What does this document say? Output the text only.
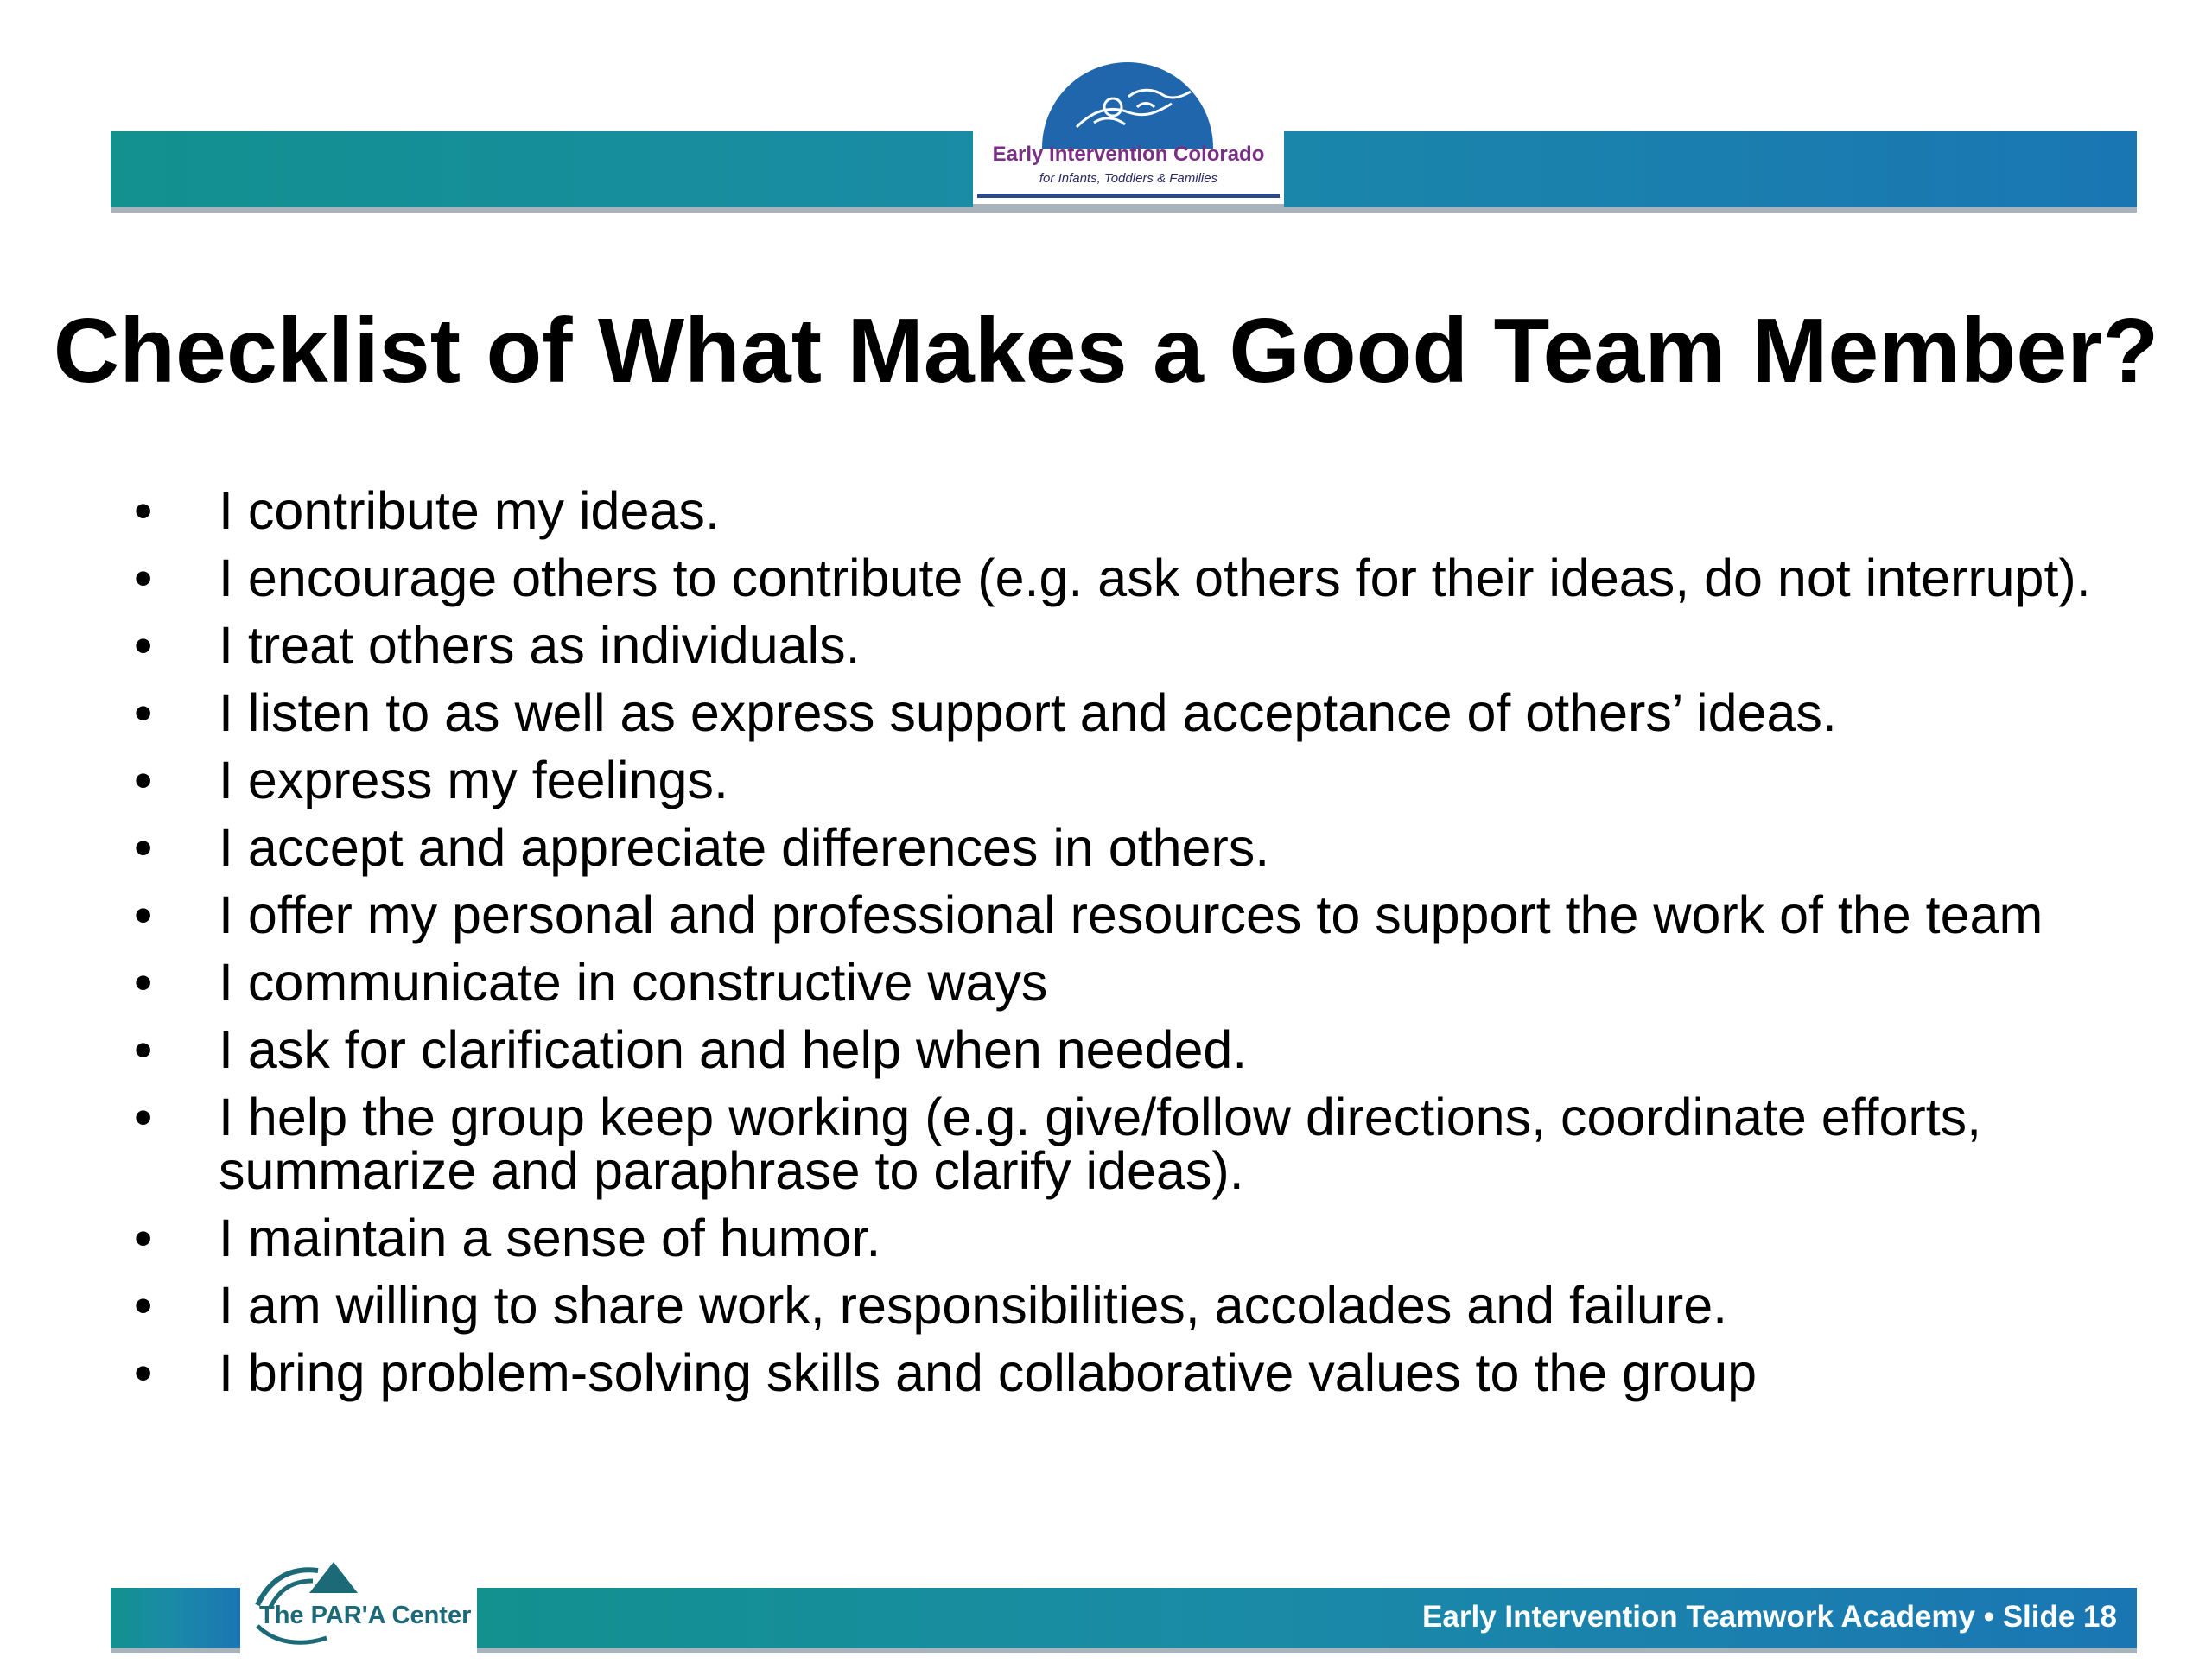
Early Intervention Colorado
for Infants, Toddlers & Families
Checklist of What Makes a Good Team Member?
• I contribute my ideas.
• I encourage others to contribute (e.g. ask others for their ideas, do not interrupt).
• I treat others as individuals.
• I listen to as well as express support and acceptance of others’ ideas.
• I express my feelings.
• I accept and appreciate differences in others.
• I offer my personal and professional resources to support the work of the team
• I communicate in constructive ways
• I ask for clarification and help when needed.
• I help the group keep working (e.g. give/follow directions, coordinate efforts, summarize and paraphrase to clarify ideas).
• I maintain a sense of humor.
• I am willing to share work, responsibilities, accolades and failure.
• I bring problem-solving skills and collaborative values to the group
The PAR'A Center	Early Intervention Teamwork Academy • Slide 18
